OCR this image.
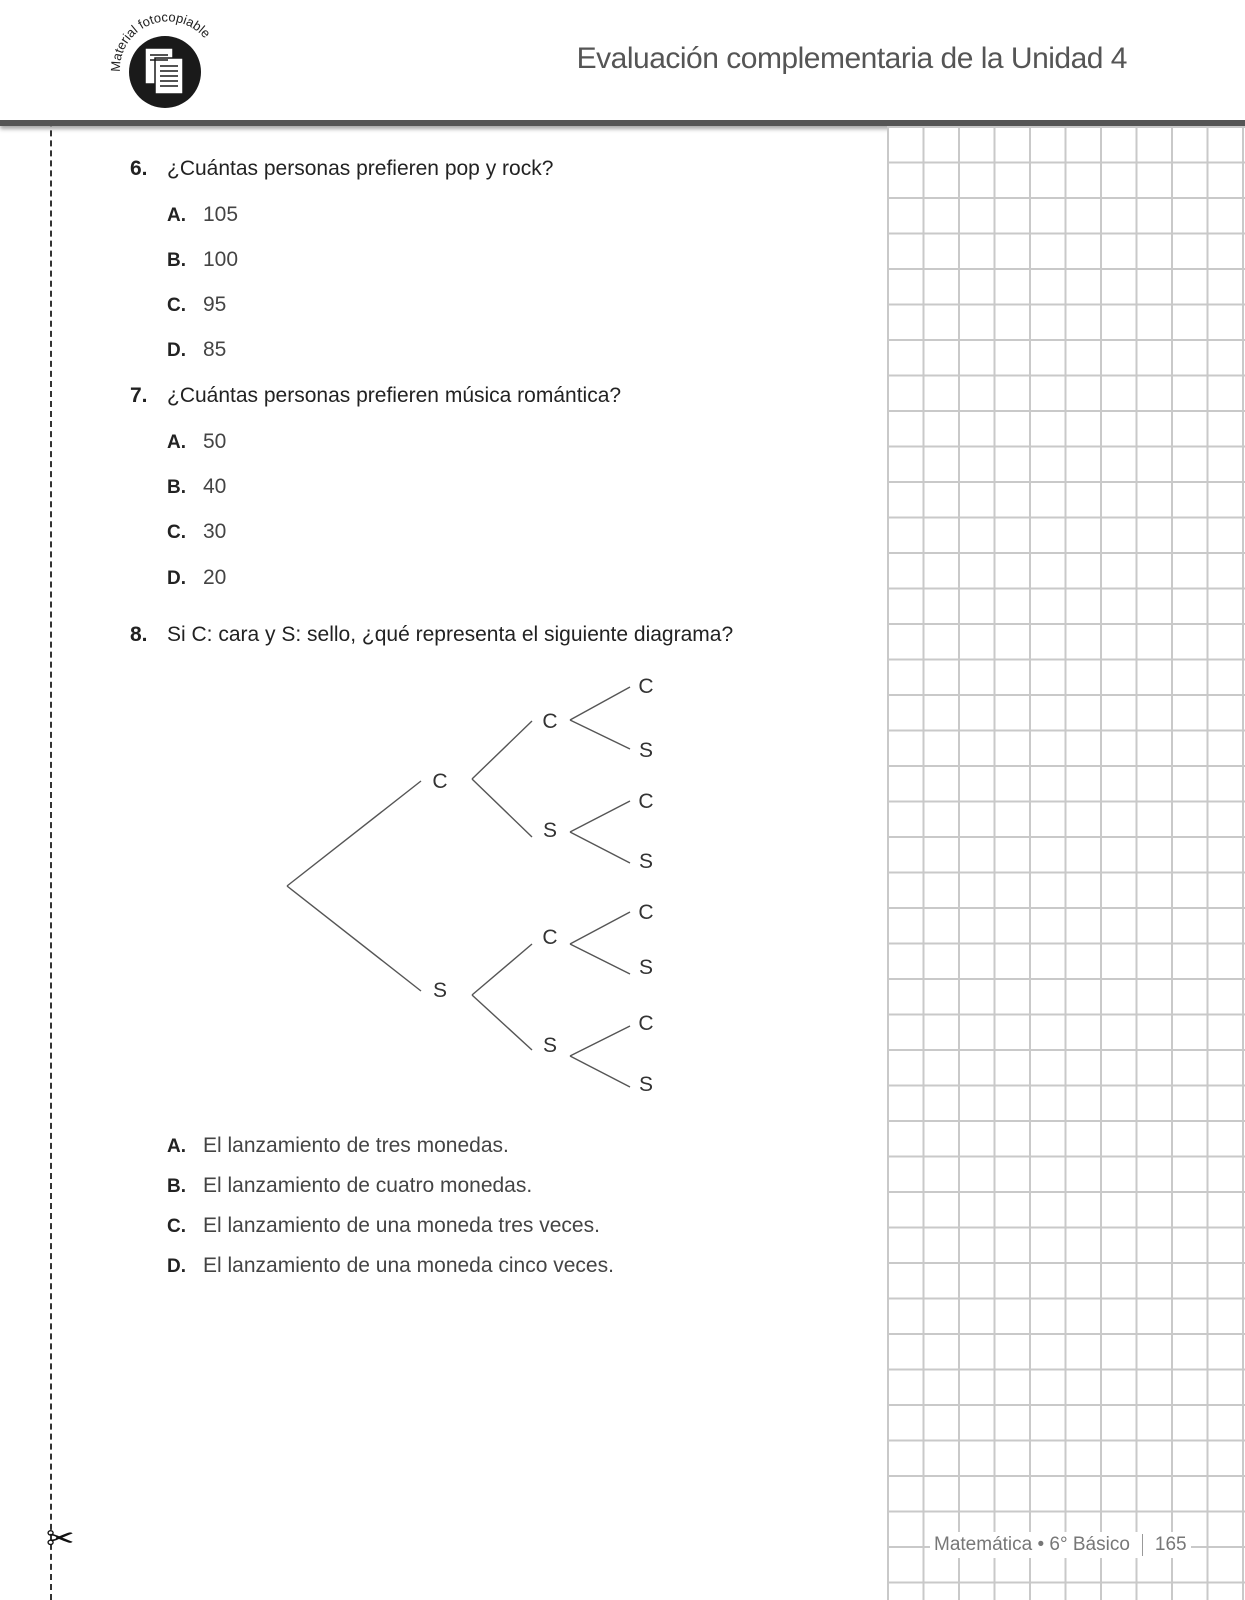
✂
Material fotocopiable
Evaluación complementaria de la Unidad 4
6. ¿Cuántas personas prefieren pop y rock?
A. 105
B. 100
C. 95
D. 85
7. ¿Cuántas personas prefieren música romántica?
A. 50
B. 40
C. 30
D. 20
8. Si C: cara y S: sello, ¿qué representa el siguiente diagrama?
C
S
C
S
C
S
C
S
C
S
C
S
C
S
A. El lanzamiento de tres monedas.
B. El lanzamiento de cuatro monedas.
C. El lanzamiento de una moneda tres veces.
D. El lanzamiento de una moneda cinco veces.
Matemática • 6° Básico 165
